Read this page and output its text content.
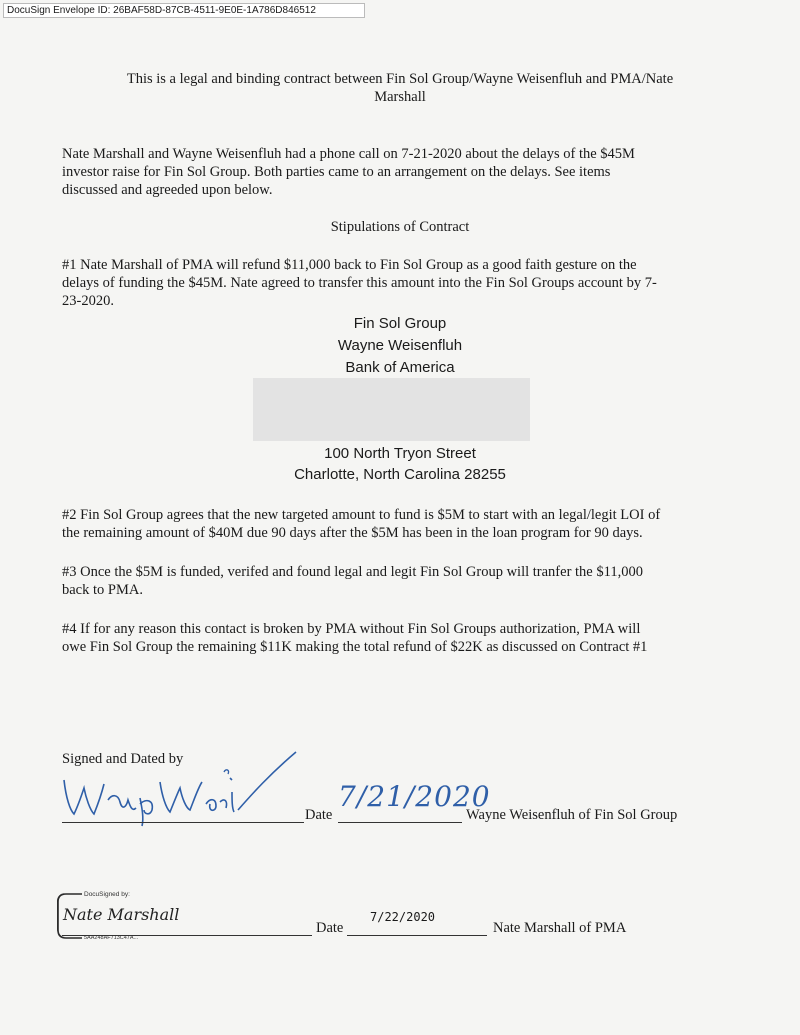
DocuSign Envelope ID: 26BAF58D-87CB-4511-9E0E-1A786D846512

This is a legal and binding contract between Fin Sol Group/Wayne Weisenfluh and PMA/Nate

Marshall

Nate Marshall and Wayne Weisenfluh had a phone call on 7-21-2020 about the delays of the $45M

investor raise for Fin Sol Group. Both parties came to an arrangement on the delays. See items

discussed and agreeded upon below.

Stipulations of Contract

#1 Nate Marshall of PMA will refund $11,000 back to Fin Sol Group as a good faith gesture on the

delays of funding the $45M. Nate agreed to transfer this amount into the Fin Sol Groups account by 7-

23-2020.

Fin Sol Group
Wayne Weisenfluh
Bank of America
100 North Tryon Street
Charlotte, North Carolina 28255

#2 Fin Sol Group agrees that the new targeted amount to fund is $5M to start with an legal/legit LOI of

the remaining amount of $40M due 90 days after the $5M has been in the loan program for 90 days.

#3 Once the $5M is funded, verifed and found legal and legit Fin Sol Group will tranfer the $11,000

back to PMA.

#4 If for any reason this contact is broken by PMA without Fin Sol Groups authorization, PMA will

owe Fin Sol Group the remaining $11K making the total refund of $22K as discussed on Contract #1

Signed and Dated by

Date
7/21/2020
Wayne Weisenfluh of Fin Sol Group
DocuSigned by:
Nate Marshall
5AA248AF713C47A...
Date
7/22/2020
Nate Marshall of PMA
